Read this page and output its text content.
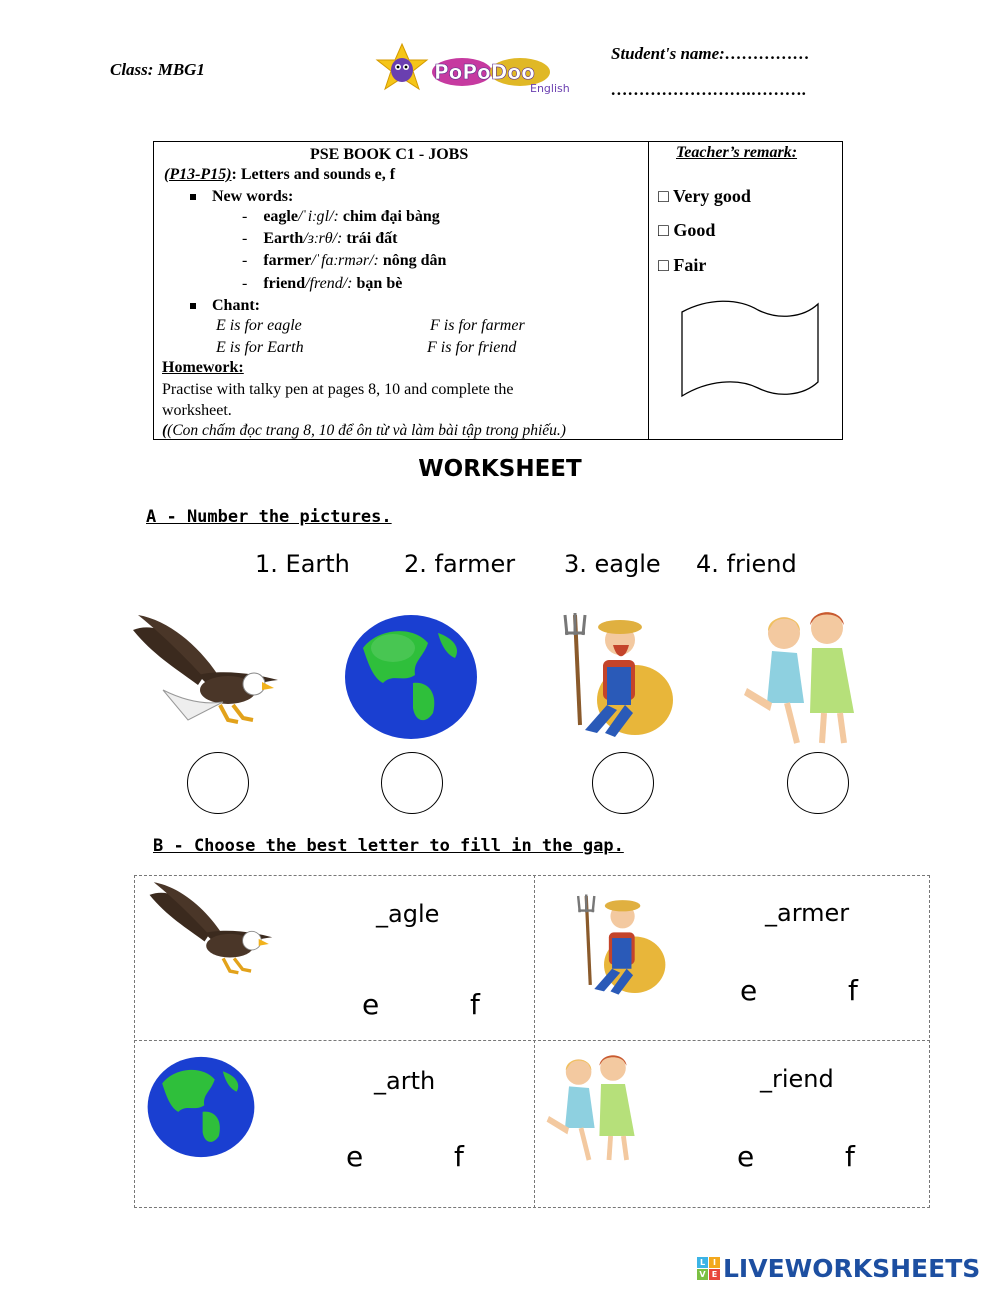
Class: MBG1	PoPoDoo
English
Student's name:……………
…………………….……….
PSE BOOK C1 - JOBS
(P13-P15): Letters and sounds e, f
New words:
-    eagle/ˈiːɡl/: chim đại bàng
-    Earth/ɜːrθ/: trái đất
-    farmer/ˈfɑːrmər/: nông dân
-    friend/frend/: bạn bè
Chant:
E is for eagle	F is for farmer
E is for Earth	F is for friend
Homework:
Practise with talky pen at pages 8, 10 and complete the
worksheet.
((Con chấm đọc trang 8, 10 để ôn từ và làm bài tập trong phiếu.)
Teacher’s remark:
□ Very good
□ Good
□ Fair
WORKSHEET
A - Number the pictures.
1. Earth 2. farmer 3. eagle 4. friend
B - Choose the best letter to fill in the gap.
_agle
e	f
_armer
e	f
_arth
e	f
_riend
e	f
L I
V E LIVEWORKSHEETS
